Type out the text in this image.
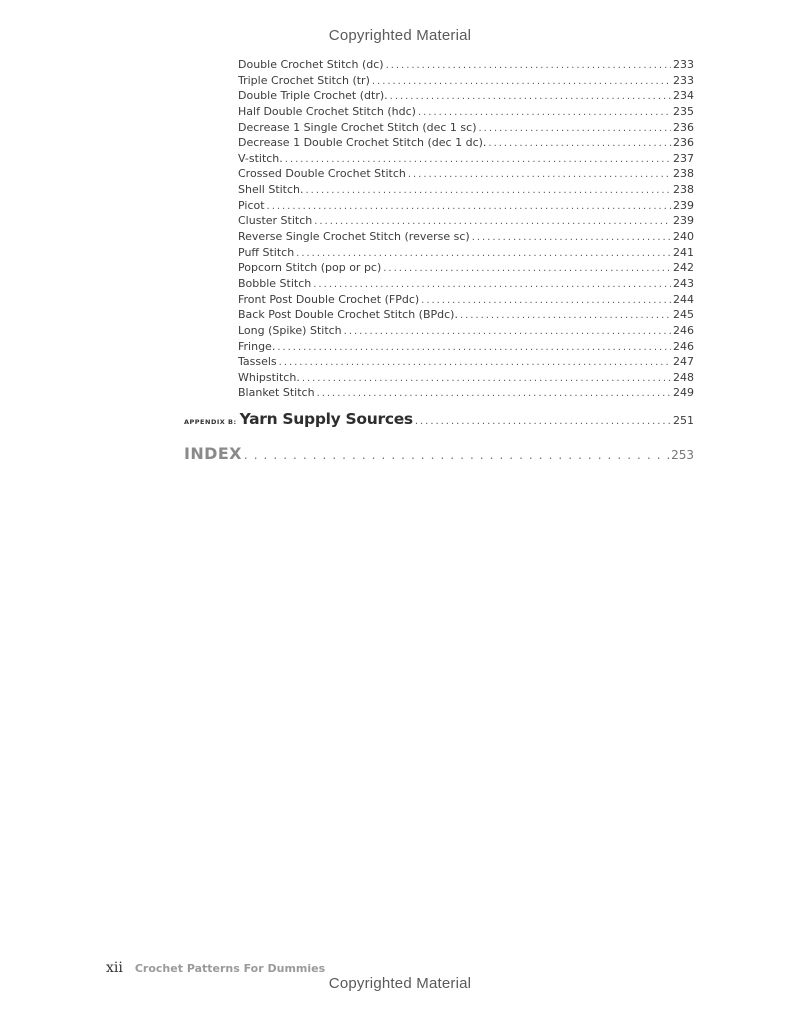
Copyrighted Material
Double Crochet Stitch (dc) . . .	233
Triple Crochet Stitch (tr) . . .	233
Double Triple Crochet (dtr). . . .	234
Half Double Crochet Stitch (hdc) . . .	235
Decrease 1 Single Crochet Stitch (dec 1 sc) . . .	236
Decrease 1 Double Crochet Stitch (dec 1 dc). . . .	236
V-stitch. . . .	237
Crossed Double Crochet Stitch . . .	238
Shell Stitch. . . .	238
Picot . . .	239
Cluster Stitch . . .	239
Reverse Single Crochet Stitch (reverse sc) . . .	240
Puff Stitch . . .	241
Popcorn Stitch (pop or pc) . . .	242
Bobble Stitch . . .	243
Front Post Double Crochet (FPdc) . . .	244
Back Post Double Crochet Stitch (BPdc). . . .	245
Long (Spike) Stitch . . .	246
Fringe. . . .	246
Tassels . . .	247
Whipstitch. . . .	248
Blanket Stitch . . .	249
APPENDIX B: Yarn Supply Sources . . .	251
INDEX . . .	253
xii Crochet Patterns For Dummies
Copyrighted Material
